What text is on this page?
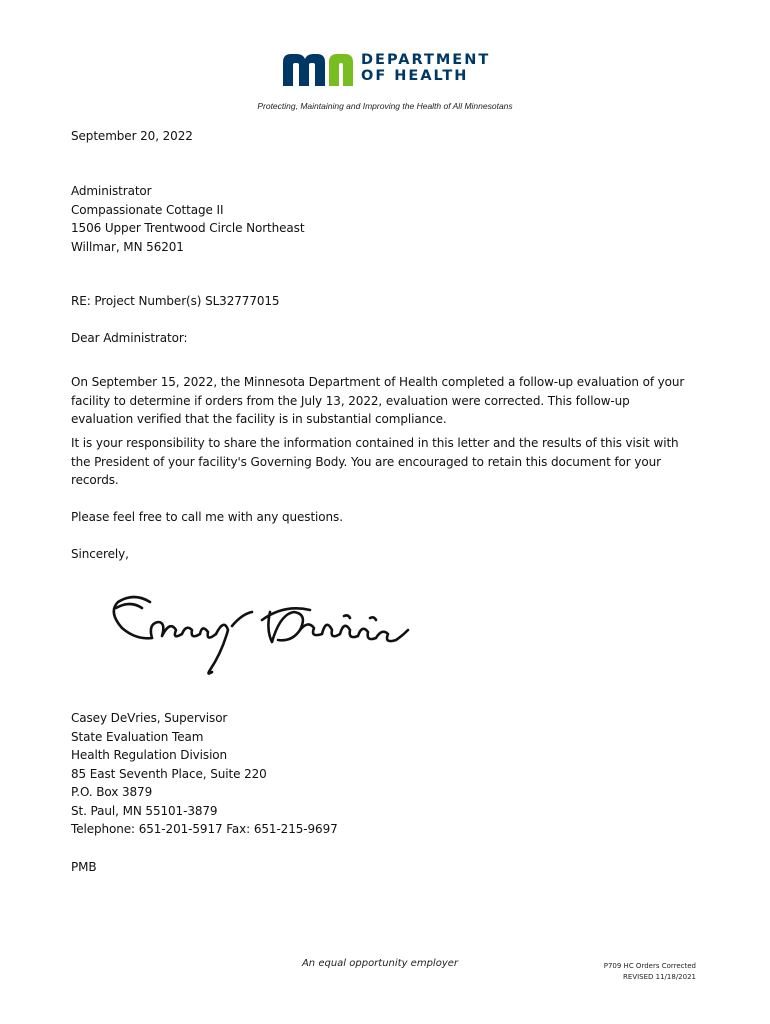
DEPARTMENT
OF HEALTH
Protecting, Maintaining and Improving the Health of All Minnesotans
September 20, 2022
Administrator
Compassionate Cottage II
1506 Upper Trentwood Circle Northeast
Willmar, MN 56201
RE: Project Number(s) SL32777015
Dear Administrator:
On September 15, 2022, the Minnesota Department of Health completed a follow-up evaluation of your facility to determine if orders from the July 13, 2022, evaluation were corrected. This follow-up evaluation verified that the facility is in substantial compliance.
It is your responsibility to share the information contained in this letter and the results of this visit with the President of your facility's Governing Body. You are encouraged to retain this document for your records.
Please feel free to call me with any questions.
Sincerely,
Casey DeVries, Supervisor
State Evaluation Team
Health Regulation Division
85 East Seventh Place, Suite 220
P.O. Box 3879
St. Paul, MN 55101-3879
Telephone: 651-201-5917 Fax: 651-215-9697
PMB
An equal opportunity employer	P709 HC Orders Corrected
REVISED 11/18/2021
